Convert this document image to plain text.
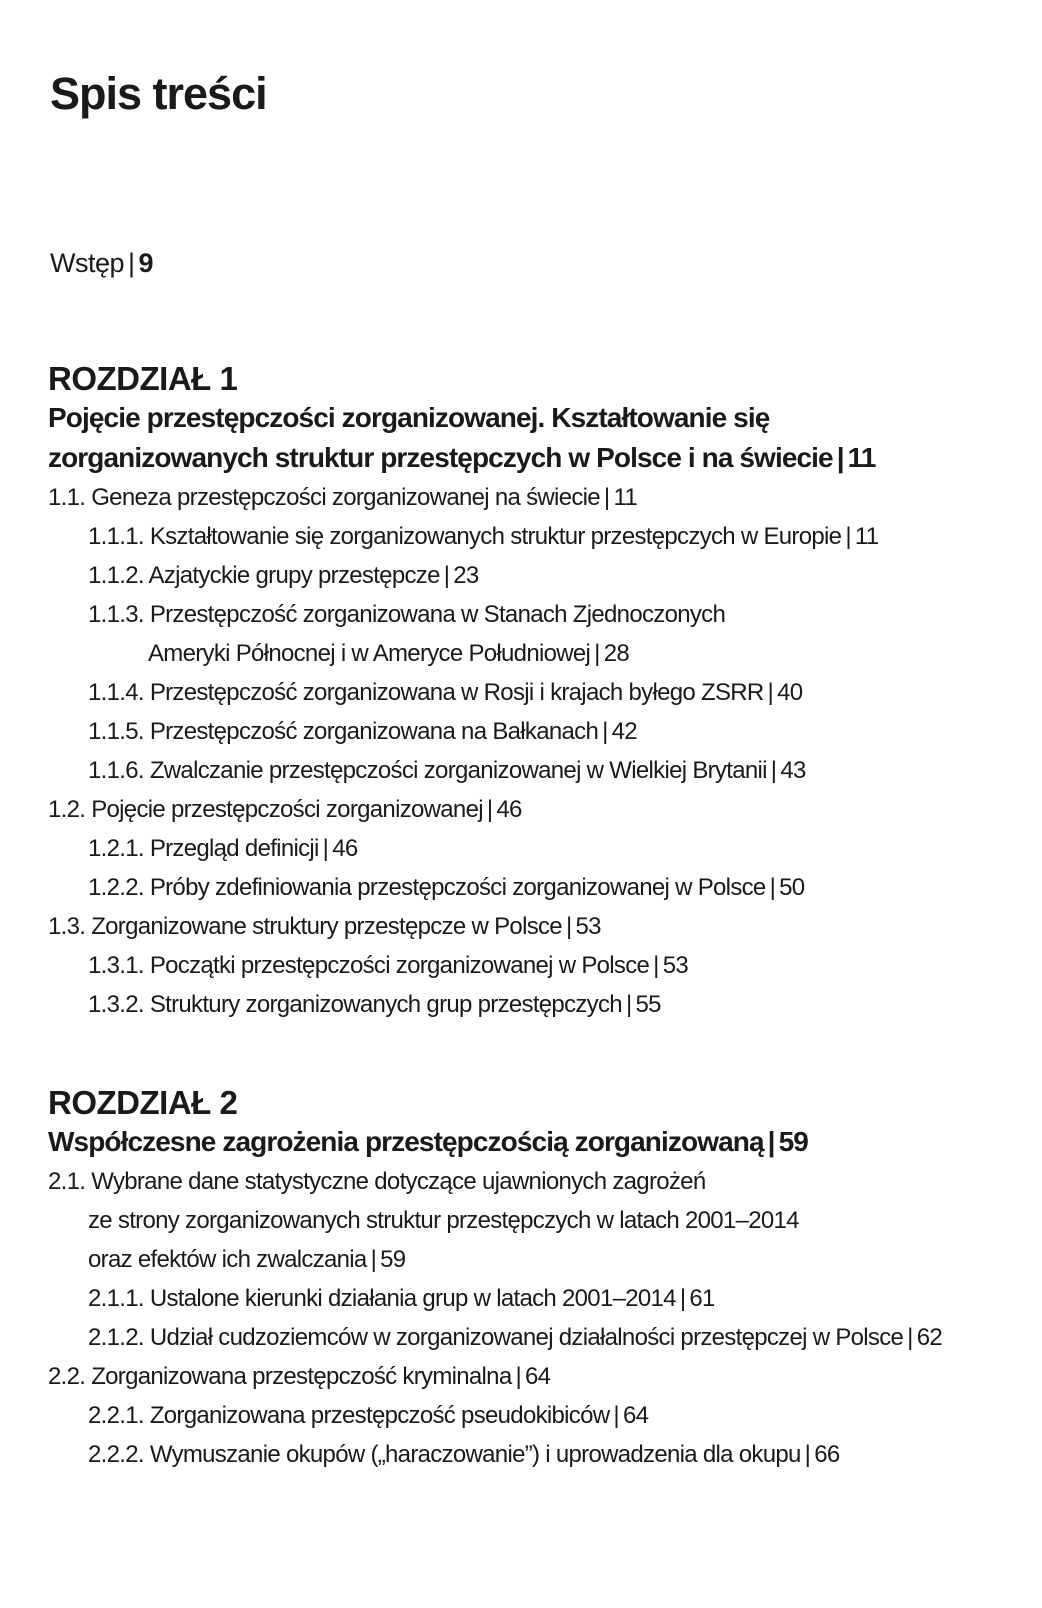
Spis treści
Wstęp | 9
ROZDZIAŁ 1
Pojęcie przestępczości zorganizowanej. Kształtowanie się
zorganizowanych struktur przestępczych w Polsce i na świecie | 11
1.1. Geneza przestępczości zorganizowanej na świecie | 11
1.1.1. Kształtowanie się zorganizowanych struktur przestępczych w Europie | 11
1.1.2. Azjatyckie grupy przestępcze | 23
1.1.3. Przestępczość zorganizowana w Stanach Zjednoczonych
Ameryki Północnej i w Ameryce Południowej | 28
1.1.4. Przestępczość zorganizowana w Rosji i krajach byłego ZSRR | 40
1.1.5. Przestępczość zorganizowana na Bałkanach | 42
1.1.6. Zwalczanie przestępczości zorganizowanej w Wielkiej Brytanii | 43
1.2. Pojęcie przestępczości zorganizowanej | 46
1.2.1. Przegląd definicji | 46
1.2.2. Próby zdefiniowania przestępczości zorganizowanej w Polsce | 50
1.3. Zorganizowane struktury przestępcze w Polsce | 53
1.3.1. Początki przestępczości zorganizowanej w Polsce | 53
1.3.2. Struktury zorganizowanych grup przestępczych | 55
ROZDZIAŁ 2
Współczesne zagrożenia przestępczością zorganizowaną | 59
2.1. Wybrane dane statystyczne dotyczące ujawnionych zagrożeń
ze strony zorganizowanych struktur przestępczych w latach 2001–2014
oraz efektów ich zwalczania | 59
2.1.1. Ustalone kierunki działania grup w latach 2001–2014 | 61
2.1.2. Udział cudzoziemców w zorganizowanej działalności przestępczej w Polsce | 62
2.2. Zorganizowana przestępczość kryminalna | 64
2.2.1. Zorganizowana przestępczość pseudokibiców | 64
2.2.2. Wymuszanie okupów („haraczowanie”) i uprowadzenia dla okupu | 66
